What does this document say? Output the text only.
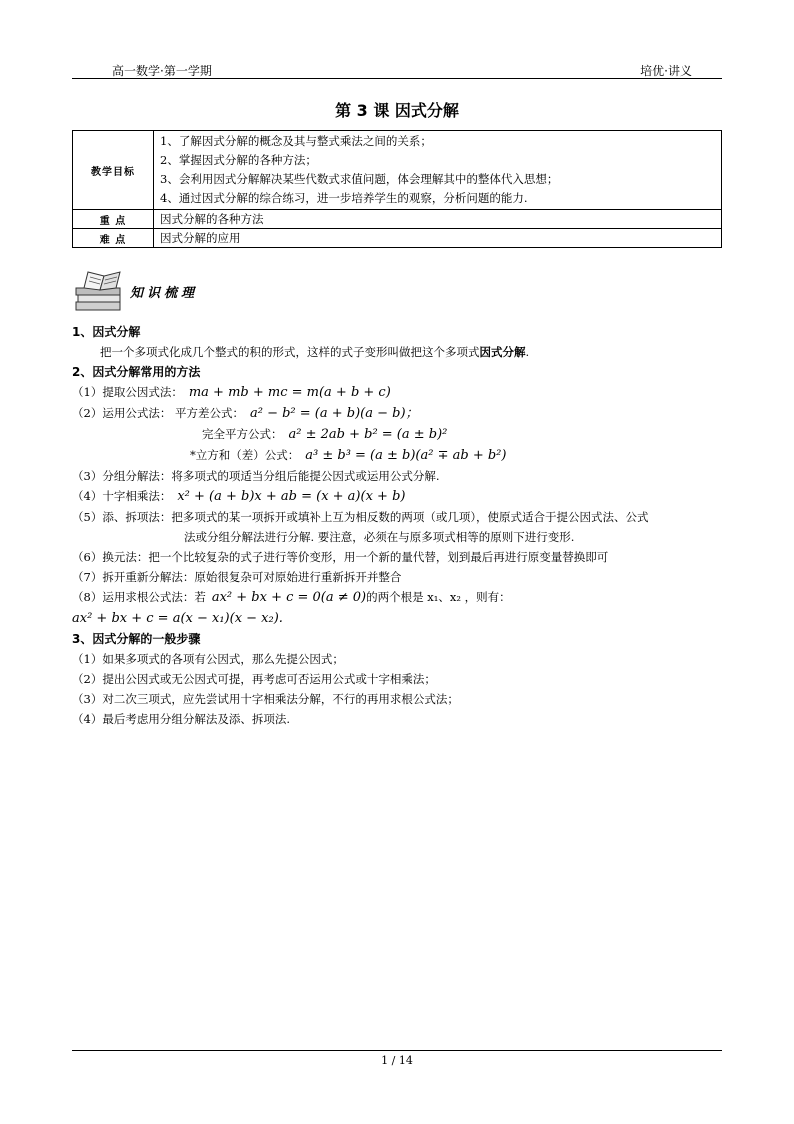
高一数学·第一学期	培优·讲义
第 3 课 因式分解
教学目标	1、了解因式分解的概念及其与整式乘法之间的关系；
2、掌握因式分解的各种方法；
3、会利用因式分解解决某些代数式求值问题，体会理解其中的整体代入思想；
4、通过因式分解的综合练习，进一步培养学生的观察，分析问题的能力.

重 点	因式分解的各种方法
难 点	因式分解的应用
知识梳理
1、因式分解
把一个多项式化成几个整式的积的形式，这样的式子变形叫做把这个多项式因式分解.
2、因式分解常用的方法
（1）提取公因式法： ma + mb + mc = m(a + b + c)
（2）运用公式法： 平方差公式： a² − b² = (a + b)(a − b)；
完全平方公式： a² ± 2ab + b² = (a ± b)²
*立方和（差）公式： a³ ± b³ = (a ± b)(a² ∓ ab + b²)
（3）分组分解法：将多项式的项适当分组后能提公因式或运用公式分解.
（4）十字相乘法： x² + (a + b)x + ab = (x + a)(x + b)
（5）添、拆项法：把多项式的某一项拆开或填补上互为相反数的两项（或几项），使原式适合于提公因式法、公式
法或分组分解法进行分解. 要注意，必须在与原多项式相等的原则下进行变形.
（6）换元法：把一个比较复杂的式子进行等价变形，用一个新的量代替，划到最后再进行原变量替换即可
（7）拆开重新分解法：原始很复杂可对原始进行重新拆开并整合
（8）运用求根公式法：若 ax² + bx + c = 0(a ≠ 0)的两个根是 x₁、x₂ ，则有：
ax² + bx + c = a(x − x₁)(x − x₂).
3、因式分解的一般步骤
（1）如果多项式的各项有公因式，那么先提公因式；
（2）提出公因式或无公因式可提，再考虑可否运用公式或十字相乘法；
（3）对二次三项式，应先尝试用十字相乘法分解，不行的再用求根公式法；
（4）最后考虑用分组分解法及添、拆项法.
1 / 14
